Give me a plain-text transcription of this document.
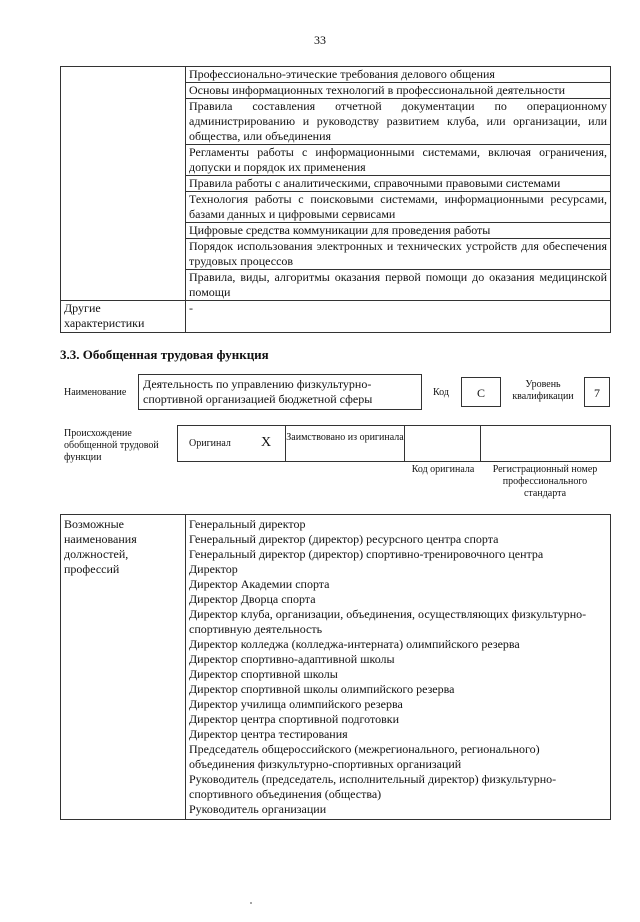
33
	Профессионально-этические требования делового общения
	Основы информационных технологий в профессиональной деятельности
	Правила составления отчетной документации по операционному администрированию и руководству развитием клуба, или организации, или общества, или объединения
	Регламенты работы с информационными системами, включая ограничения, допуски и порядок их применения
	Правила работы с аналитическими, справочными правовыми системами
	Технология работы с поисковыми системами, информационными ресурсами, базами данных и цифровыми сервисами
	Цифровые средства коммуникации для проведения работы
	Порядок использования электронных и технических устройств для обеспечения трудовых процессов
	Правила, виды, алгоритмы оказания первой помощи до оказания медицинской помощи
Другие характеристики	-
3.3. Обобщенная трудовая функция
Наименование
Деятельность по управлению физкультурно-спортивной организацией бюджетной сферы	Код	C
Уровень квалификации	7
Происхождение обобщенной трудовой функции
Оригинал X Заимствовано из оригинала
Код оригинала	Регистрационный номер профессионального стандарта
Возможные наименования должностей, профессий	
Генеральный директор
Генеральный директор (директор) ресурсного центра спорта
Генеральный директор (директор) спортивно-тренировочного центра
Директор
Директор Академии спорта
Директор Дворца спорта
Директор клуба, организации, объединения, осуществляющих физкультурно-спортивную деятельность
Директор колледжа (колледжа-интерната) олимпийского резерва
Директор спортивно-адаптивной школы
Директор спортивной школы
Директор спортивной школы олимпийского резерва
Директор училища олимпийского резерва
Директор центра спортивной подготовки
Директор центра тестирования
Председатель общероссийского (межрегионального, регионального) объединения физкультурно-спортивных организаций
Руководитель (председатель, исполнительный директор) физкультурно-спортивного объединения (общества)
Руководитель организации
